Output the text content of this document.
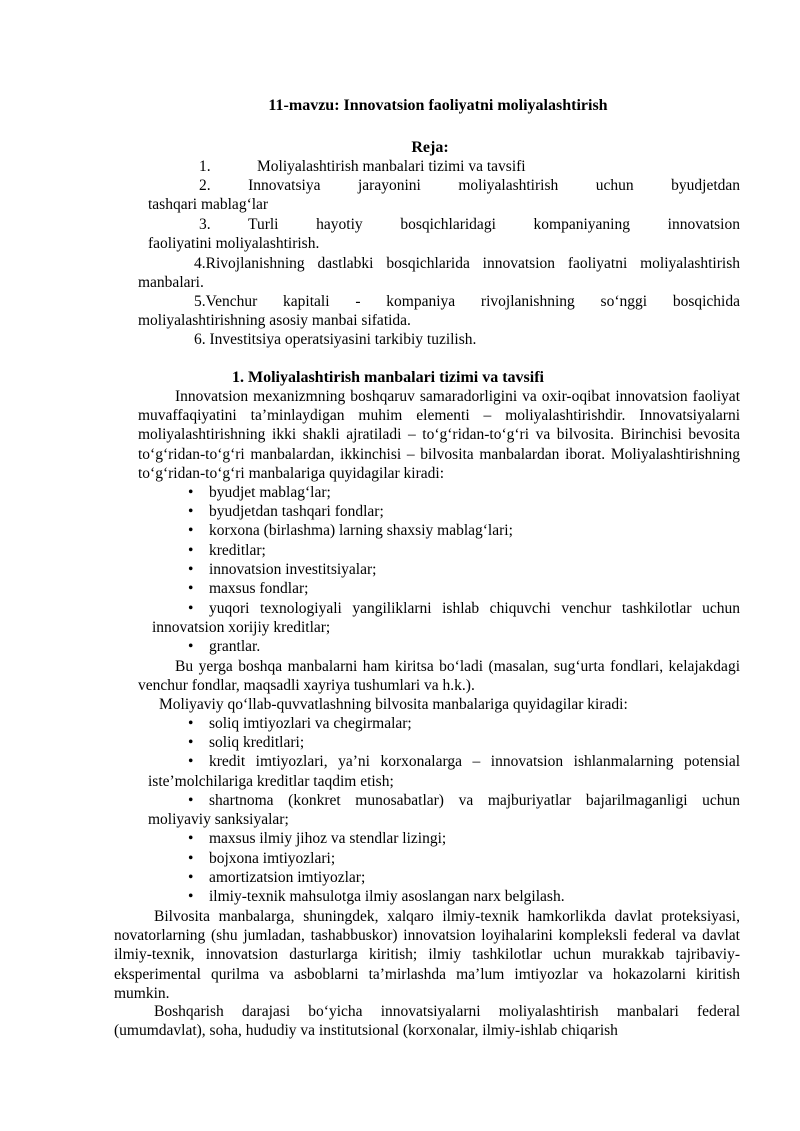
11-mavzu: Innovatsion faoliyatni moliyalashtirish
Reja:
1.	Moliyalashtirish manbalari tizimi va tavsifi
2. Innovatsiya jarayonini moliyalashtirish uchun byudjetdan
tashqari mablag‘lar
3. Turli hayotiy bosqichlaridagi kompaniyaning innovatsion
faoliyatini moliyalashtirish.
4.Rivojlanishning dastlabki bosqichlarida innovatsion faoliyatni moliyalashtirish
manbalari.
5.Venchur kapitali - kompaniya rivojlanishning so‘nggi bosqichida
moliyalashtirishning asosiy manbai sifatida.
6. Investitsiya operatsiyasini tarkibiy tuzilish.
1. Moliyalashtirish manbalari tizimi va tavsifi
Innovatsion mexanizmning boshqaruv samaradorligini va oxir-oqibat innovatsion faoliyat muvaffaqiyatini ta’minlaydigan muhim elementi – moliyalashtirishdir. Innovatsiyalarni moliyalashtirishning ikki shakli ajratiladi – to‘g‘ridan-to‘g‘ri va bilvosita. Birinchisi bevosita to‘g‘ridan-to‘g‘ri manbalardan, ikkinchisi – bilvosita manbalardan iborat. Moliyalashtirishning to‘g‘ridan-to‘g‘ri manbalariga quyidagilar kiradi:
• byudjet mablag‘lar;
• byudjetdan tashqari fondlar;
• korxona (birlashma) larning shaxsiy mablag‘lari;
• kreditlar;
• innovatsion investitsiyalar;
• maxsus fondlar;
• yuqori texnologiyali yangiliklarni ishlab chiquvchi venchur tashkilotlar uchun
innovatsion xorijiy kreditlar;
• grantlar.
Bu yerga boshqa manbalarni ham kiritsa bo‘ladi (masalan, sug‘urta fondlari, kelajakdagi venchur fondlar, maqsadli xayriya tushumlari va h.k.).
Moliyaviy qo‘llab-quvvatlashning bilvosita manbalariga quyidagilar kiradi:
• soliq imtiyozlari va chegirmalar;
• soliq kreditlari;
• kredit imtiyozlari, ya’ni korxonalarga – innovatsion ishlanmalarning potensial
iste’molchilariga kreditlar taqdim etish;
• shartnoma (konkret munosabatlar) va majburiyatlar bajarilmaganligi uchun
moliyaviy sanksiyalar;
• maxsus ilmiy jihoz va stendlar lizingi;
• bojxona imtiyozlari;
• amortizatsion imtiyozlar;
• ilmiy-texnik mahsulotga ilmiy asoslangan narx belgilash.
Bilvosita manbalarga, shuningdek, xalqaro ilmiy-texnik hamkorlikda davlat proteksiyasi, novatorlarning (shu jumladan, tashabbuskor) innovatsion loyihalarini kompleksli federal va davlat ilmiy-texnik, innovatsion dasturlarga kiritish; ilmiy tashkilotlar uchun murakkab tajribaviy-eksperimental qurilma va asboblarni ta’mirlashda ma’lum imtiyozlar va hokazolarni kiritish mumkin.
Boshqarish darajasi bo‘yicha innovatsiyalarni moliyalashtirish manbalari federal (umumdavlat), soha, hududiy va institutsional (korxonalar, ilmiy-ishlab chiqarish
